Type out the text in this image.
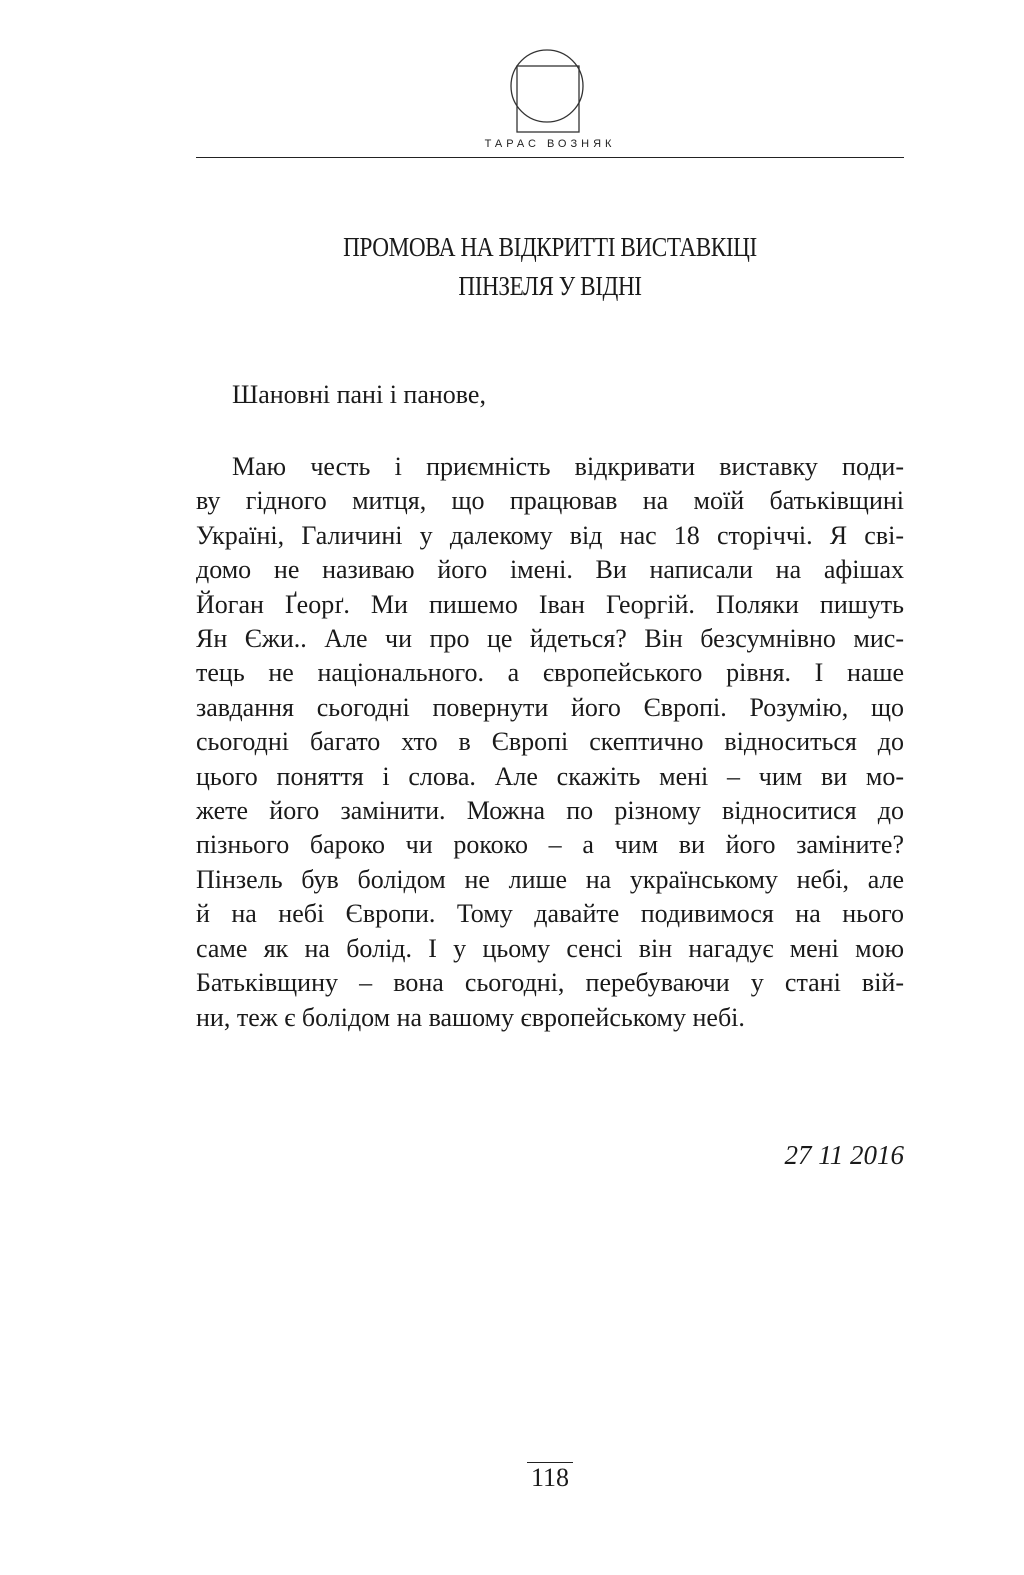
ТАРАС ВОЗНЯК
ПРОМОВА НА ВІДКРИТТІ ВИСТАВКІЦІ
ПІНЗЕЛЯ У ВІДНІ

Шановні пані і панове,

Маю честь і приємність відкривати виставку поди-
ву гідного митця, що працював на моїй батьківщині
Україні, Галичині у далекому від нас 18 сторіччі. Я сві-
домо не називаю його імені. Ви написали на афішах
Йоган Ґеорґ. Ми пишемо Іван Георгій. Поляки пишуть
Ян Єжи.. Але чи про це йдеться? Він безсумнівно мис-
тець не національного. а європейського рівня. І наше
завдання сьогодні повернути його Європі. Розумію, що
сьогодні багато хто в Європі скептично відноситься до
цього поняття і слова. Але скажіть мені – чим ви мо-
жете його замінити. Можна по різному відноситися до
пізнього бароко чи рококо – а чим ви його заміните?
Пінзель був болідом не лише на українському небі, але
й на небі Європи. Тому давайте подивимося на нього
саме як на болід. І у цьому сенсі він нагадує мені мою
Батьківщину – вона сьогодні, перебуваючи у стані вій-
ни, теж є болідом на вашому європейському небі.

27 11 2016

118
